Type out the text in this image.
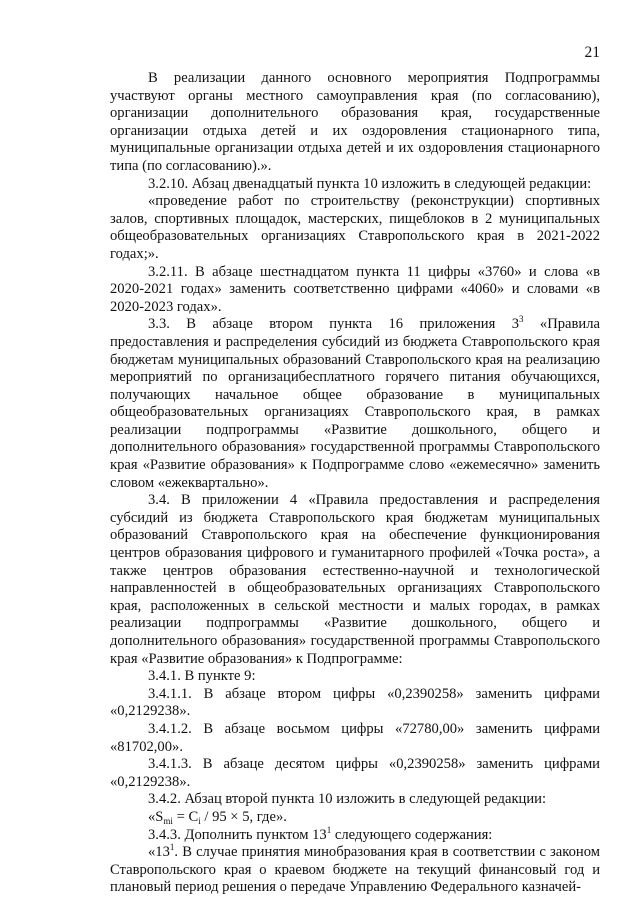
21

В реализации данного основного мероприятия Подпрограммы участвуют органы местного самоуправления края (по согласованию), организации дополнительного образования края, государственные организации отдыха детей и их оздоровления стационарного типа, муниципальные организации отдыха детей и их оздоровления стационарного типа (по согласованию).».

3.2.10. Абзац двенадцатый пункта 10 изложить в следующей редакции:

«проведение работ по строительству (реконструкции) спортивных залов, спортивных площадок, мастерских, пищеблоков в 2 муниципальных общеобразовательных организациях Ставропольского края в 2021-2022 годах;».

3.2.11. В абзаце шестнадцатом пункта 11 цифры «3760» и слова «в 2020-2021 годах» заменить соответственно цифрами «4060» и словами «в 2020-2023 годах».

3.3. В абзаце втором пункта 16 приложения $3^3$ «Правила предоставления и распределения субсидий из бюджета Ставропольского края бюджетам муниципальных образований Ставропольского края на реализацию мероприятий по организацибесплатного горячего питания обучающихся, получающих начальное общее образование в муниципальных общеобразовательных организациях Ставропольского края, в рамках реализации подпрограммы «Развитие дошкольного, общего и дополнительного образования» государственной программы Ставропольского края «Развитие образования» к Подпрограмме слово «ежемесячно» заменить словом «ежеквартально».

3.4. В приложении 4 «Правила предоставления и распределения субсидий из бюджета Ставропольского края бюджетам муниципальных образований Ставропольского края на обеспечение функционирования центров образования цифрового и гуманитарного профилей «Точка роста», а также центров образования естественно-научной и технологической направленностей в общеобразовательных организациях Ставропольского края, расположенных в сельской местности и малых городах, в рамках реализации подпрограммы «Развитие дошкольного, общего и дополнительного образования» государственной программы Ставропольского края «Развитие образования» к Подпрограмме:

3.4.1. В пункте 9:

3.4.1.1. В абзаце втором цифры «0,2390258» заменить цифрами «0,2129238».

3.4.1.2. В абзаце восьмом цифры «72780,00» заменить цифрами «81702,00».

3.4.1.3. В абзаце десятом цифры «0,2390258» заменить цифрами «0,2129238».

3.4.2. Абзац второй пункта 10 изложить в следующей редакции:

«$S_{mi} = C_i / 95 \times 5$, где».

3.4.3. Дополнить пунктом $13^1$ следующего содержания:

«$13^1$. В случае принятия минобразования края в соответствии с законом Ставропольского края о краевом бюджете на текущий финансовый год и плановый период решения о передаче Управлению Федерального казначей-
